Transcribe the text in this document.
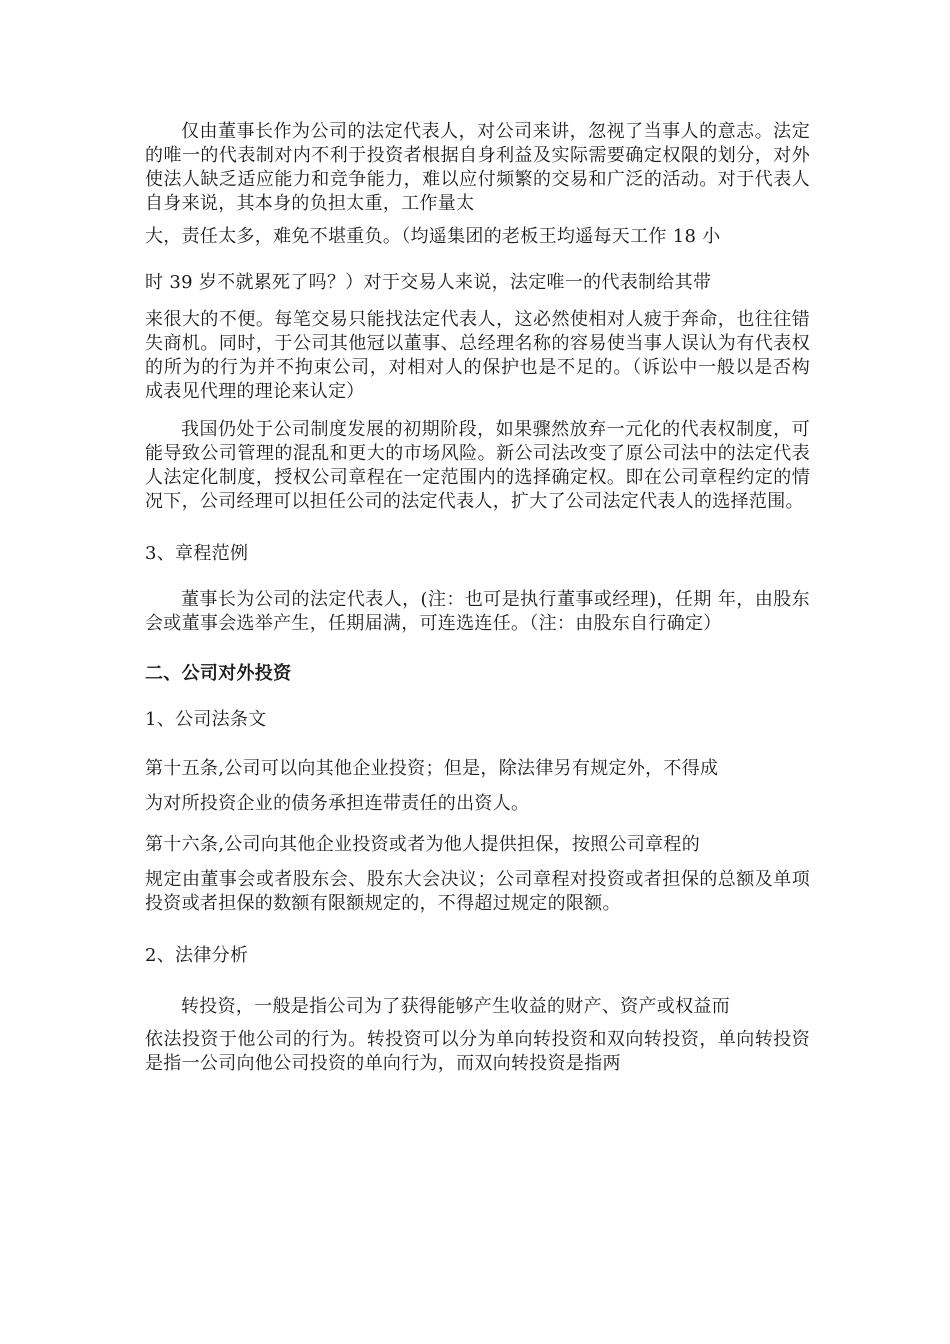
仅由董事长作为公司的法定代表人，对公司来讲，忽视了当事人的意志。法定的唯一的代表制对内不利于投资者根据自身利益及实际需要确定权限的划分，对外使法人缺乏适应能力和竞争能力，难以应付频繁的交易和广泛的活动。对于代表人自身来说，其本身的负担太重，工作量太
大，责任太多，难免不堪重负。（均遥集团的老板王均遥每天工作 18 小
时 39 岁不就累死了吗？）对于交易人来说，法定唯一的代表制给其带
来很大的不便。每笔交易只能找法定代表人，这必然使相对人疲于奔命，也往往错失商机。同时，于公司其他冠以董事、总经理名称的容易使当事人误认为有代表权的所为的行为并不拘束公司，对相对人的保护也是不足的。（诉讼中一般以是否构成表见代理的理论来认定）

我国仍处于公司制度发展的初期阶段，如果骤然放弃一元化的代表权制度，可能导致公司管理的混乱和更大的市场风险。新公司法改变了原公司法中的法定代表人法定化制度，授权公司章程在一定范围内的选择确定权。即在公司章程约定的情况下，公司经理可以担任公司的法定代表人，扩大了公司法定代表人的选择范围。

3、章程范例

董事长为公司的法定代表人，(注：也可是执行董事或经理)，任期 年，由股东会或董事会选举产生，任期届满，可连选连任。（注：由股东自行确定）

二、公司对外投资

1、公司法条文

第十五条,公司可以向其他企业投资；但是，除法律另有规定外，不得成
为对所投资企业的债务承担连带责任的出资人。
第十六条,公司向其他企业投资或者为他人提供担保，按照公司章程的
规定由董事会或者股东会、股东大会决议；公司章程对投资或者担保的总额及单项投资或者担保的数额有限额规定的，不得超过规定的限额。

2、法律分析

转投资，一般是指公司为了获得能够产生收益的财产、资产或权益而
依法投资于他公司的行为。转投资可以分为单向转投资和双向转投资，单向转投资是指一公司向他公司投资的单向行为，而双向转投资是指两
